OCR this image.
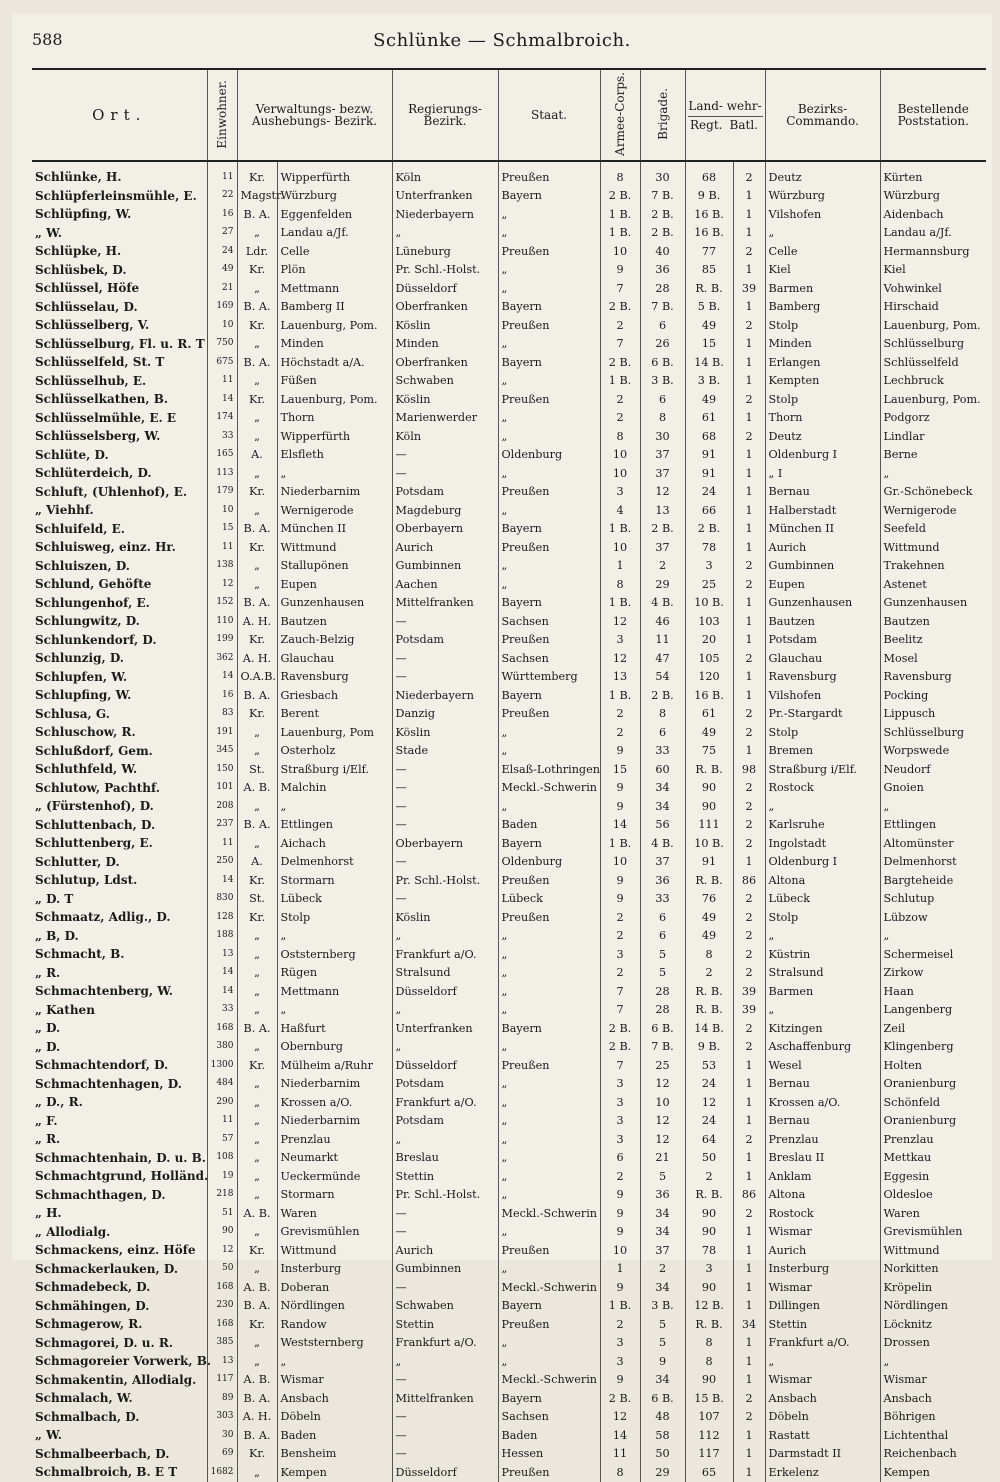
588	Schlünke — Schmalbroich.
Ort.	Einwohner.	Verwaltungs- bezw. Aushebungs- Bezirk.		Regierungs- Bezirk.	Staat.	Armee-Corps.	Brigade.	Land- wehr-
Regt. Batl.		Bezirks- Commando.	Bestellende Poststation.
Schlünke, H.	11	Kr.	Wipperfürth	Köln	Preußen	8	30	68	2	Deutz	Kürten
Schlüpferleinsmühle, E.	22	Magstr.	Würzburg	Unterfranken	Bayern	2 B.	7 B.	9 B.	1	Würzburg	Würzburg
Schlüpfing, W.	16	B. A.	Eggenfelden	Niederbayern	„	1 B.	2 B.	16 B.	1	Vilshofen	Aidenbach
„ W.	27	„	Landau a/Jf.	„	„	1 B.	2 B.	16 B.	1	„	Landau a/Jf.
Schlüpke, H.	24	Ldr.	Celle	Lüneburg	Preußen	10	40	77	2	Celle	Hermannsburg
Schlüsbek, D.	49	Kr.	Plön	Pr. Schl.-Holst.	„	9	36	85	1	Kiel	Kiel
Schlüssel, Höfe	21	„	Mettmann	Düsseldorf	„	7	28	R. B.	39	Barmen	Vohwinkel
Schlüsselau, D.	169	B. A.	Bamberg II	Oberfranken	Bayern	2 B.	7 B.	5 B.	1	Bamberg	Hirschaid
Schlüsselberg, V.	10	Kr.	Lauenburg, Pom.	Köslin	Preußen	2	6	49	2	Stolp	Lauenburg, Pom.
Schlüsselburg, Fl. u. R. T	750	„	Minden	Minden	„	7	26	15	1	Minden	Schlüsselburg
Schlüsselfeld, St. T	675	B. A.	Höchstadt a/A.	Oberfranken	Bayern	2 B.	6 B.	14 B.	1	Erlangen	Schlüsselfeld
Schlüsselhub, E.	11	„	Füßen	Schwaben	„	1 B.	3 B.	3 B.	1	Kempten	Lechbruck
Schlüsselkathen, B.	14	Kr.	Lauenburg, Pom.	Köslin	Preußen	2	6	49	2	Stolp	Lauenburg, Pom.
Schlüsselmühle, E. E	174	„	Thorn	Marienwerder	„	2	8	61	1	Thorn	Podgorz
Schlüsselsberg, W.	33	„	Wipperfürth	Köln	„	8	30	68	2	Deutz	Lindlar
Schlüte, D.	165	A.	Elsfleth	—	Oldenburg	10	37	91	1	Oldenburg I	Berne
Schlüterdeich, D.	113	„	„	—	„	10	37	91	1	„ I	„
Schluft, (Uhlenhof), E.	179	Kr.	Niederbarnim	Potsdam	Preußen	3	12	24	1	Bernau	Gr.-Schönebeck
„ Viehhf.	10	„	Wernigerode	Magdeburg	„	4	13	66	1	Halberstadt	Wernigerode
Schluifeld, E.	15	B. A.	München II	Oberbayern	Bayern	1 B.	2 B.	2 B.	1	München II	Seefeld
Schluisweg, einz. Hr.	11	Kr.	Wittmund	Aurich	Preußen	10	37	78	1	Aurich	Wittmund
Schluiszen, D.	138	„	Stallupönen	Gumbinnen	„	1	2	3	2	Gumbinnen	Trakehnen
Schlund, Gehöfte	12	„	Eupen	Aachen	„	8	29	25	2	Eupen	Astenet
Schlungenhof, E.	152	B. A.	Gunzenhausen	Mittelfranken	Bayern	1 B.	4 B.	10 B.	1	Gunzenhausen	Gunzenhausen
Schlungwitz, D.	110	A. H.	Bautzen	—	Sachsen	12	46	103	1	Bautzen	Bautzen
Schlunkendorf, D.	199	Kr.	Zauch-Belzig	Potsdam	Preußen	3	11	20	1	Potsdam	Beelitz
Schlunzig, D.	362	A. H.	Glauchau	—	Sachsen	12	47	105	2	Glauchau	Mosel
Schlupfen, W.	14	O.A.B.	Ravensburg	—	Württemberg	13	54	120	1	Ravensburg	Ravensburg
Schlupfing, W.	16	B. A.	Griesbach	Niederbayern	Bayern	1 B.	2 B.	16 B.	1	Vilshofen	Pocking
Schlusa, G.	83	Kr.	Berent	Danzig	Preußen	2	8	61	2	Pr.-Stargardt	Lippusch
Schluschow, R.	191	„	Lauenburg, Pom	Köslin	„	2	6	49	2	Stolp	Schlüsselburg
Schlußdorf, Gem.	345	„	Osterholz	Stade	„	9	33	75	1	Bremen	Worpswede
Schluthfeld, W.	150	St.	Straßburg i/Elf.	—	Elsaß-Lothringen	15	60	R. B.	98	Straßburg i/Elf.	Neudorf
Schlutow, Pachthf.	101	A. B.	Malchin	—	Meckl.-Schwerin	9	34	90	2	Rostock	Gnoien
„ (Fürstenhof), D.	208	„	„	—	„	9	34	90	2	„	„
Schluttenbach, D.	237	B. A.	Ettlingen	—	Baden	14	56	111	2	Karlsruhe	Ettlingen
Schluttenberg, E.	11	„	Aichach	Oberbayern	Bayern	1 B.	4 B.	10 B.	2	Ingolstadt	Altomünster
Schlutter, D.	250	A.	Delmenhorst	—	Oldenburg	10	37	91	1	Oldenburg I	Delmenhorst
Schlutup, Ldst.	14	Kr.	Stormarn	Pr. Schl.-Holst.	Preußen	9	36	R. B.	86	Altona	Bargteheide
„ D. T	830	St.	Lübeck	—	Lübeck	9	33	76	2	Lübeck	Schlutup
Schmaatz, Adlig., D.	128	Kr.	Stolp	Köslin	Preußen	2	6	49	2	Stolp	Lübzow
„ B, D.	188	„	„	„	„	2	6	49	2	„	„
Schmacht, B.	13	„	Oststernberg	Frankfurt a/O.	„	3	5	8	2	Küstrin	Schermeisel
„ R.	14	„	Rügen	Stralsund	„	2	5	2	2	Stralsund	Zirkow
Schmachtenberg, W.	14	„	Mettmann	Düsseldorf	„	7	28	R. B.	39	Barmen	Haan
„ Kathen	33	„	„	„	„	7	28	R. B.	39	„	Langenberg
„ D.	168	B. A.	Haßfurt	Unterfranken	Bayern	2 B.	6 B.	14 B.	2	Kitzingen	Zeil
„ D.	380	„	Obernburg	„	„	2 B.	7 B.	9 B.	2	Aschaffenburg	Klingenberg
Schmachtendorf, D.	1300	Kr.	Mülheim a/Ruhr	Düsseldorf	Preußen	7	25	53	1	Wesel	Holten
Schmachtenhagen, D.	484	„	Niederbarnim	Potsdam	„	3	12	24	1	Bernau	Oranienburg
„ D., R.	290	„	Krossen a/O.	Frankfurt a/O.	„	3	10	12	1	Krossen a/O.	Schönfeld
„ F.	11	„	Niederbarnim	Potsdam	„	3	12	24	1	Bernau	Oranienburg
„ R.	57	„	Prenzlau	„	„	3	12	64	2	Prenzlau	Prenzlau
Schmachtenhain, D. u. B.	108	„	Neumarkt	Breslau	„	6	21	50	1	Breslau II	Mettkau
Schmachtgrund, Holländ.	19	„	Ueckermünde	Stettin	„	2	5	2	1	Anklam	Eggesin
Schmachthagen, D.	218	„	Stormarn	Pr. Schl.-Holst.	„	9	36	R. B.	86	Altona	Oldesloe
„ H.	51	A. B.	Waren	—	Meckl.-Schwerin	9	34	90	2	Rostock	Waren
„ Allodialg.	90	„	Grevismühlen	—	„	9	34	90	1	Wismar	Grevismühlen
Schmackens, einz. Höfe	12	Kr.	Wittmund	Aurich	Preußen	10	37	78	1	Aurich	Wittmund
Schmackerlauken, D.	50	„	Insterburg	Gumbinnen	„	1	2	3	1	Insterburg	Norkitten
Schmadebeck, D.	168	A. B.	Doberan	—	Meckl.-Schwerin	9	34	90	1	Wismar	Kröpelin
Schmähingen, D.	230	B. A.	Nördlingen	Schwaben	Bayern	1 B.	3 B.	12 B.	1	Dillingen	Nördlingen
Schmagerow, R.	168	Kr.	Randow	Stettin	Preußen	2	5	R. B.	34	Stettin	Löcknitz
Schmagorei, D. u. R.	385	„	Weststernberg	Frankfurt a/O.	„	3	5	8	1	Frankfurt a/O.	Drossen
Schmagoreier Vorwerk, B.	13	„	„	„	„	3	9	8	1	„	„
Schmakentin, Allodialg.	117	A. B.	Wismar	—	Meckl.-Schwerin	9	34	90	1	Wismar	Wismar
Schmalach, W.	89	B. A.	Ansbach	Mittelfranken	Bayern	2 B.	6 B.	15 B.	2	Ansbach	Ansbach
Schmalbach, D.	303	A. H.	Döbeln	—	Sachsen	12	48	107	2	Döbeln	Böhrigen
„ W.	30	B. A.	Baden	—	Baden	14	58	112	1	Rastatt	Lichtenthal
Schmalbeerbach, D.	69	Kr.	Bensheim	—	Hessen	11	50	117	1	Darmstadt II	Reichenbach
Schmalbroich, B. E T	1682	„	Kempen	Düsseldorf	Preußen	8	29	65	1	Erkelenz	Kempen
